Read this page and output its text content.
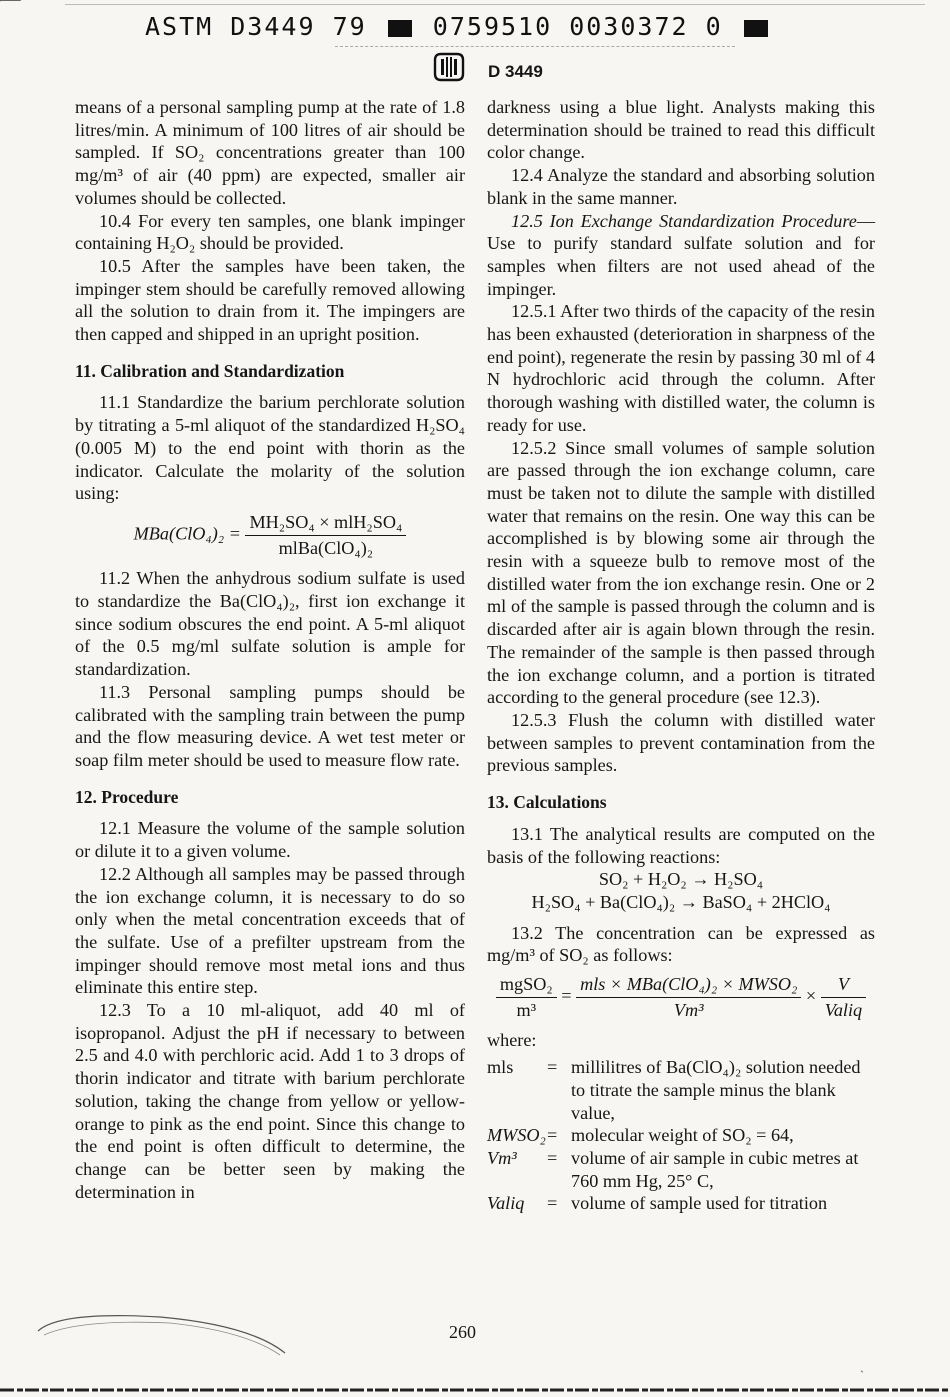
ASTM D3449 79	0759510 0030372 0
D 3449

means of a personal sampling pump at the rate of 1.8 litres/min. A minimum of 100 litres of air should be sampled. If SO₂ concentrations greater than 100 mg/m³ of air (40 ppm) are expected, smaller air volumes should be collected.

10.4 For every ten samples, one blank impinger containing H₂O₂ should be provided.

10.5 After the samples have been taken, the impinger stem should be carefully removed allowing all the solution to drain from it. The impingers are then capped and shipped in an upright position.

11. Calibration and Standardization

11.1 Standardize the barium perchlorate solution by titrating a 5-ml aliquot of the standardized H₂SO₄ (0.005 M) to the end point with thorin as the indicator. Calculate the molarity of the solution using:

$MBa(ClO_4)_2 = \frac{\text{MH₂SO₄ × mlH₂SO₄}}{\text{mlBa(ClO₄)₂}}$

11.2 When the anhydrous sodium sulfate is used to standardize the Ba(ClO₄)₂, first ion exchange it since sodium obscures the end point. A 5-ml aliquot of the 0.5 mg/ml sulfate solution is ample for standardization.

11.3 Personal sampling pumps should be calibrated with the sampling train between the pump and the flow measuring device. A wet test meter or soap film meter should be used to measure flow rate.

12. Procedure

12.1 Measure the volume of the sample solution or dilute it to a given volume.

12.2 Although all samples may be passed through the ion exchange column, it is necessary to do so only when the metal concentration exceeds that of the sulfate. Use of a prefilter upstream from the impinger should remove most metal ions and thus eliminate this entire step.

12.3 To a 10 ml-aliquot, add 40 ml of isopropanol. Adjust the pH if necessary to between 2.5 and 4.0 with perchloric acid. Add 1 to 3 drops of thorin indicator and titrate with barium perchlorate solution, taking the change from yellow or yellow-orange to pink as the end point. Since this change to the end point is often difficult to determine, the change can be better seen by making the determination in

darkness using a blue light. Analysts making this determination should be trained to read this difficult color change.

12.4 Analyze the standard and absorbing solution blank in the same manner.

12.5 Ion Exchange Standardization Procedure—Use to purify standard sulfate solution and for samples when filters are not used ahead of the impinger.

12.5.1 After two thirds of the capacity of the resin has been exhausted (deterioration in sharpness of the end point), regenerate the resin by passing 30 ml of 4 N hydrochloric acid through the column. After thorough washing with distilled water, the column is ready for use.

12.5.2 Since small volumes of sample solution are passed through the ion exchange column, care must be taken not to dilute the sample with distilled water that remains on the resin. One way this can be accomplished is by blowing some air through the resin with a squeeze bulb to remove most of the distilled water from the ion exchange resin. One or 2 ml of the sample is passed through the column and is discarded after air is again blown through the resin. The remainder of the sample is then passed through the ion exchange column, and a portion is titrated according to the general procedure (see 12.3).

12.5.3 Flush the column with distilled water between samples to prevent contamination from the previous samples.

13. Calculations

13.1 The analytical results are computed on the basis of the following reactions:

SO₂ + H₂O₂ → H₂SO₄

H₂SO₄ + Ba(ClO₄)₂ → BaSO₄ + 2HClO₄

13.2 The concentration can be expressed as mg/m³ of SO₂ as follows:

$\frac{\text{mgSO₂}}{\text{m³}} = \frac{\text{mls × MBa(ClO₄)₂ × MWSO₂}}{\text{Vm³}} \times \frac{V}{\text{Valiq}}$

where:

mls	= millilitres of Ba(ClO₄)₂ solution needed to titrate the sample minus the blank value,
MWSO₂ = molecular weight of SO₂ = 64,
Vm³	= volume of air sample in cubic metres at 760 mm Hg, 25° C,
Valiq	= volume of sample used for titration
260
`
